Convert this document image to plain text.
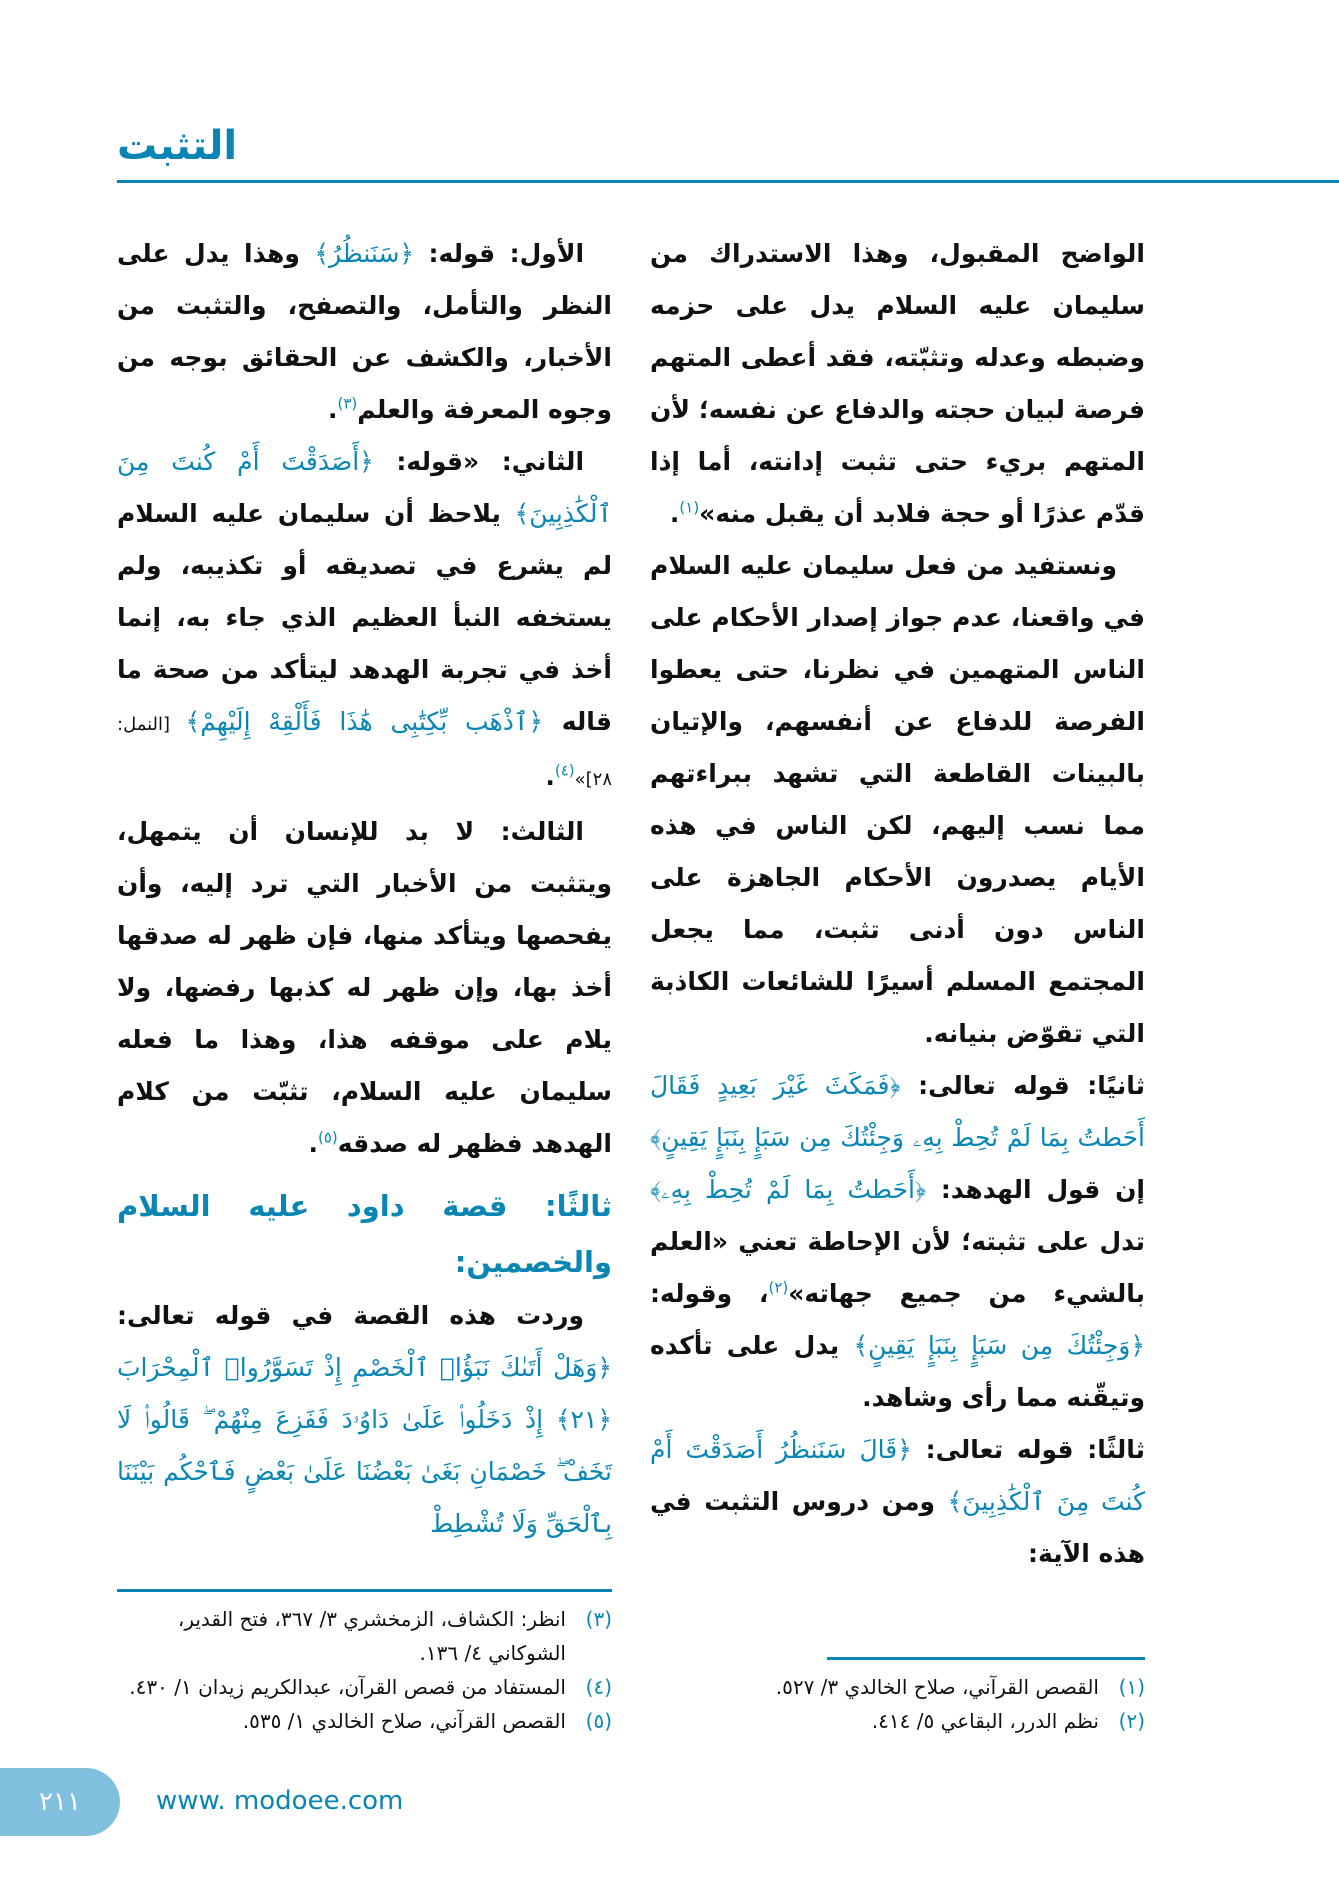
التثبت

الواضح المقبول، وهذا الاستدراك من سليمان عليه السلام يدل على حزمه وضبطه وعدله وتثبّته، فقد أعطى المتهم فرصة لبيان حجته والدفاع عن نفسه؛ لأن المتهم بريء حتى تثبت إدانته، أما إذا قدّم عذرًا أو حجة فلابد أن يقبل منه»$^{(١)}$.

ونستفيد من فعل سليمان عليه السلام في واقعنا، عدم جواز إصدار الأحكام على الناس المتهمين في نظرنا، حتى يعطوا الفرصة للدفاع عن أنفسهم، والإتيان بالبينات القاطعة التي تشهد ببراءتهم مما نسب إليهم، لكن الناس في هذه الأيام يصدرون الأحكام الجاهزة على الناس دون أدنى تثبت، مما يجعل المجتمع المسلم أسيرًا للشائعات الكاذبة التي تقوّض بنيانه.

ثانيًا: قوله تعالى: ﴿فَمَكَثَ غَيْرَ بَعِيدٍ فَقَالَ أَحَطتُ بِمَا لَمْ تُحِطْ بِهِۦ وَجِئْتُكَ مِن سَبَإٍ بِنَبَإٍ يَقِينٍ﴾ إن قول الهدهد: ﴿أَحَطتُ بِمَا لَمْ تُحِطْ بِهِۦ﴾ تدل على تثبته؛ لأن الإحاطة تعني «العلم بالشيء من جميع جهاته»$^{(٢)}$، وقوله: ﴿وَجِئْتُكَ مِن سَبَإٍ بِنَبَإٍ يَقِينٍ﴾ يدل على تأكده وتيقّنه مما رأى وشاهد.

ثالثًا: قوله تعالى: ﴿قَالَ سَنَنظُرُ أَصَدَقْتَ أَمْ كُنتَ مِنَ ٱلْكَٰذِبِينَ﴾ ومن دروس التثبت في هذه الآية:

(١)القصص القرآني، صلاح الخالدي ٣/ ٥٢٧.
(٢)نظم الدرر، البقاعي ٥/ ٤١٤.

الأول: قوله: ﴿سَنَنظُرُ﴾ وهذا يدل على النظر والتأمل، والتصفح، والتثبت من الأخبار، والكشف عن الحقائق بوجه من وجوه المعرفة والعلم$^{(٣)}$.

الثاني: «قوله: ﴿أَصَدَقْتَ أَمْ كُنتَ مِنَ ٱلْكَٰذِبِينَ﴾ يلاحظ أن سليمان عليه السلام لم يشرع في تصديقه أو تكذيبه، ولم يستخفه النبأ العظيم الذي جاء به، إنما أخذ في تجربة الهدهد ليتأكد من صحة ما قاله ﴿ٱذْهَب بِّكِتَٰبِى هَٰذَا فَأَلْقِهْ إِلَيْهِمْ﴾ [النمل: ٢٨]»$^{(٤)}$.

الثالث: لا بد للإنسان أن يتمهل، ويتثبت من الأخبار التي ترد إليه، وأن يفحصها ويتأكد منها، فإن ظهر له صدقها أخذ بها، وإن ظهر له كذبها رفضها، ولا يلام على موقفه هذا، وهذا ما فعله سليمان عليه السلام، تثبّت من كلام الهدهد فظهر له صدقه$^{(٥)}$.

ثالثًا: قصة داود عليه السلام والخصمين:

وردت هذه القصة في قوله تعالى: ﴿وَهَلْ أَتَىٰكَ نَبَؤُا۟ ٱلْخَصْمِ إِذْ تَسَوَّرُوا۟ ٱلْمِحْرَابَ ﴿٢١﴾ إِذْ دَخَلُوا۟ عَلَىٰ دَاوُۥدَ فَفَزِعَ مِنْهُمْ ۖ قَالُوا۟ لَا تَخَفْ ۖ خَصْمَانِ بَغَىٰ بَعْضُنَا عَلَىٰ بَعْضٍ فَٱحْكُم بَيْنَنَا بِٱلْحَقِّ وَلَا تُشْطِطْ

(٣)انظر: الكشاف، الزمخشري ٣/ ٣٦٧، فتح القدير، الشوكاني ٤/ ١٣٦.
(٤)المستفاد من قصص القرآن، عبدالكريم زيدان ١/ ٤٣٠.
(٥)القصص القرآني، صلاح الخالدي ١/ ٥٣٥.
٢١١	www. modoee.com
